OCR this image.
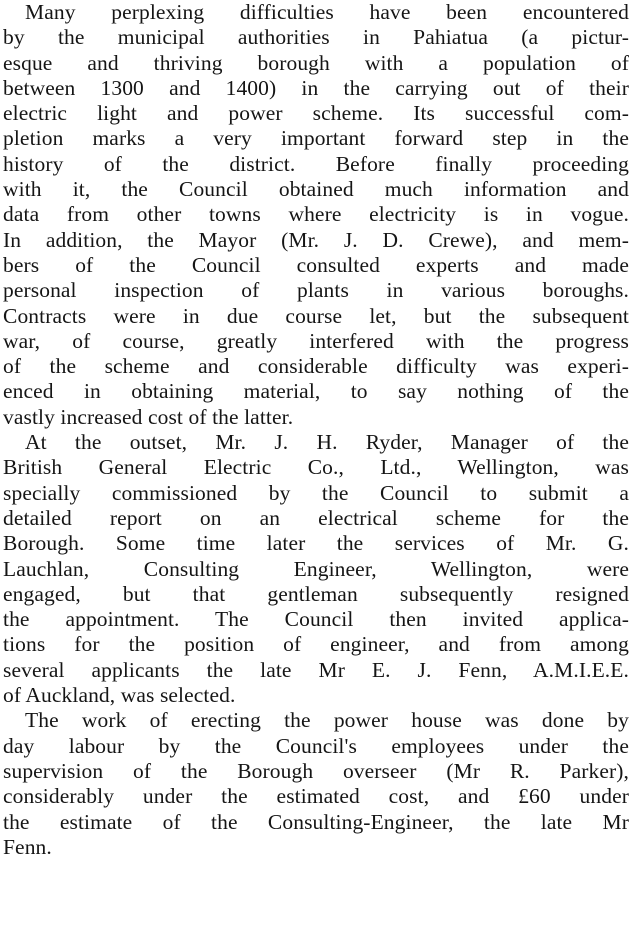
Many perplexing difficulties have been encountered
by the municipal authorities in Pahiatua (a pictur-
esque and thriving borough with a population of
between 1300 and 1400) in the carrying out of their
electric light and power scheme. Its successful com-
pletion marks a very important forward step in the
history of the district. Before finally proceeding
with it, the Council obtained much information and
data from other towns where electricity is in vogue.
In addition, the Mayor (Mr. J. D. Crewe), and mem-
bers of the Council consulted experts and made
personal inspection of plants in various boroughs.
Contracts were in due course let, but the subsequent
war, of course, greatly interfered with the progress
of the scheme and considerable difficulty was experi-
enced in obtaining material, to say nothing of the
vastly increased cost of the latter.

At the outset, Mr. J. H. Ryder, Manager of the
British General Electric Co., Ltd., Wellington, was
specially commissioned by the Council to submit a
detailed report on an electrical scheme for the
Borough. Some time later the services of Mr. G.
Lauchlan, Consulting Engineer, Wellington, were
engaged, but that gentleman subsequently resigned
the appointment. The Council then invited applica-
tions for the position of engineer, and from among
several applicants the late Mr E. J. Fenn, A.M.I.E.E.
of Auckland, was selected.

The work of erecting the power house was done by
day labour by the Council's employees under the
supervision of the Borough overseer (Mr R. Parker),
considerably under the estimated cost, and £60 under
the estimate of the Consulting-Engineer, the late Mr
Fenn.
